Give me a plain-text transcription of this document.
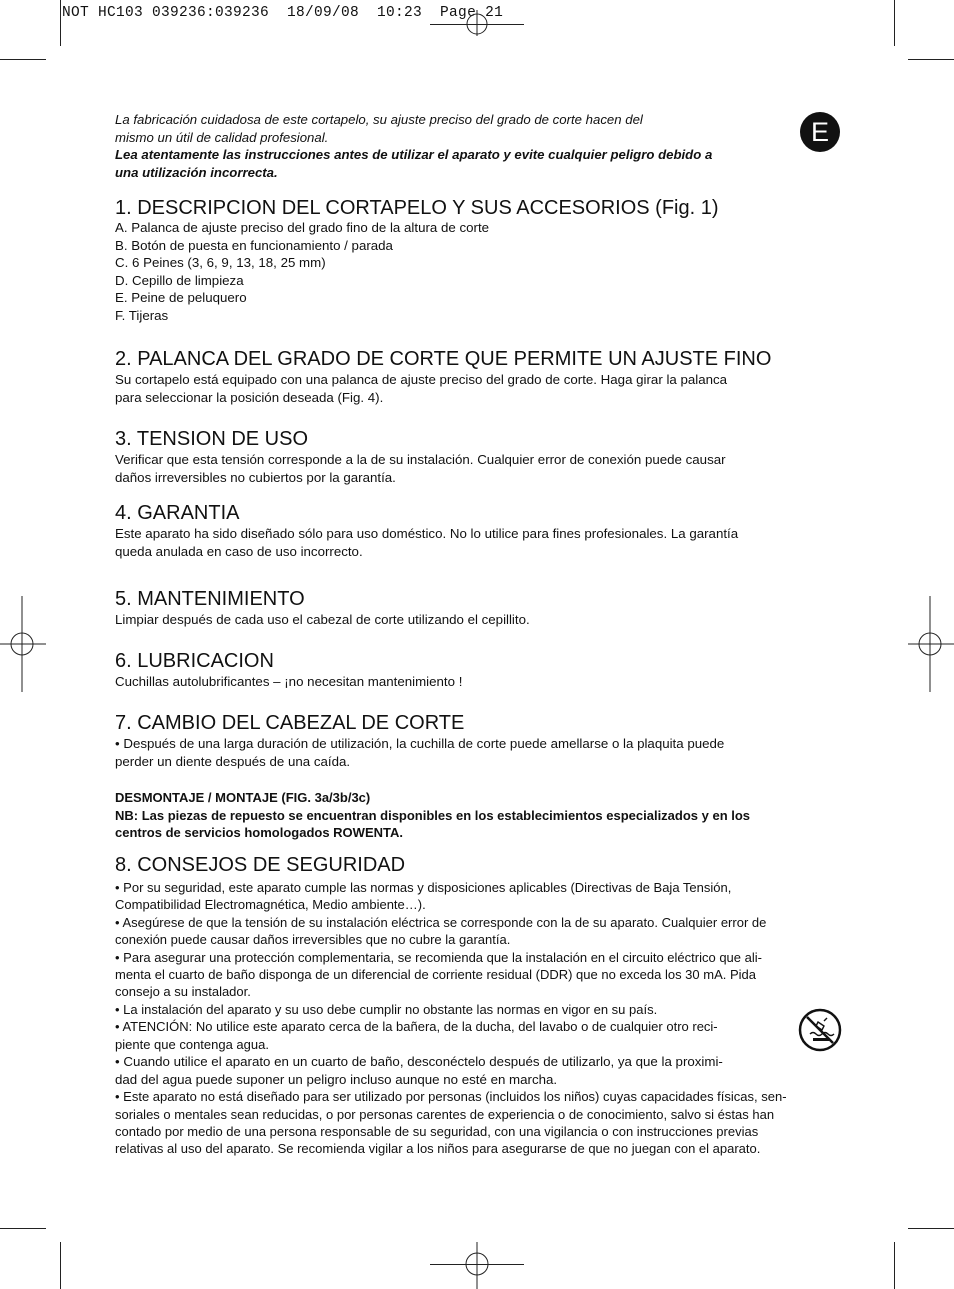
NOT HC103 039236:039236  18/09/08  10:23  Page 21
E

La fabricación cuidadosa de este cortapelo, su ajuste preciso del grado de corte hacen del

mismo un útil de calidad profesional.

Lea atentamente las instrucciones antes de utilizar el aparato y evite cualquier peligro debido a

una utilización incorrecta.

1. DESCRIPCION DEL CORTAPELO Y SUS ACCESORIOS (Fig. 1)

A. Palanca de ajuste preciso del grado fino de la altura de corte

B. Botón de puesta en funcionamiento / parada

C. 6 Peines (3, 6, 9, 13, 18, 25 mm)

D. Cepillo de limpieza

E. Peine de peluquero

F. Tijeras

2. PALANCA DEL GRADO DE CORTE QUE PERMITE UN AJUSTE FINO

Su cortapelo está equipado con una palanca de ajuste preciso del grado de corte. Haga girar la palanca

para seleccionar la posición deseada (Fig. 4).

3. TENSION DE USO

Verificar que esta tensión corresponde a la de su instalación. Cualquier error de conexión puede causar

daños irreversibles no cubiertos por la garantía.

4. GARANTIA

Este aparato ha sido diseñado sólo para uso doméstico. No lo utilice para fines profesionales. La garantía

queda anulada en caso de uso incorrecto.

5. MANTENIMIENTO

Limpiar después de cada uso el cabezal de corte utilizando el cepillito.

6. LUBRICACION

Cuchillas autolubrificantes – ¡no necesitan mantenimiento !

7. CAMBIO DEL CABEZAL DE CORTE

• Después de una larga duración de utilización, la cuchilla de corte puede amellarse o la plaquita puede

perder un diente después de una caída.

DESMONTAJE / MONTAJE (FIG. 3a/3b/3c)

NB: Las piezas de repuesto se encuentran disponibles en los establecimientos especializados y en los

centros de servicios homologados ROWENTA.

8. CONSEJOS DE SEGURIDAD

• Por su seguridad, este aparato cumple las normas y disposiciones aplicables (Directivas de Baja Tensión,

Compatibilidad Electromagnética, Medio ambiente…).

• Asegúrese de que la tensión de su instalación eléctrica se corresponde con la de su aparato. Cualquier error de

conexión puede causar daños irreversibles que no cubre la garantía.

• Para asegurar una protección complementaria, se recomienda que la instalación en el circuito eléctrico que ali-

menta el cuarto de baño disponga de un diferencial de corriente residual (DDR) que no exceda los 30 mA. Pida

consejo a su instalador.

• La instalación del aparato y su uso debe cumplir no obstante las normas en vigor en su país.

• ATENCIÓN: No utilice este aparato cerca de la bañera, de la ducha, del lavabo o de cualquier otro reci-

piente que contenga agua.

• Cuando utilice el aparato en un cuarto de baño, desconéctelo después de utilizarlo, ya que la proximi-

dad del agua puede suponer un peligro incluso aunque no esté en marcha.

• Este aparato no está diseñado para ser utilizado por personas (incluidos los niños) cuyas capacidades físicas, sen-

soriales o mentales sean reducidas, o por personas carentes de experiencia o de conocimiento, salvo si éstas han

contado por medio de una persona responsable de su seguridad, con una vigilancia o con instrucciones previas

relativas al uso del aparato. Se recomienda vigilar a los niños para asegurarse de que no juegan con el aparato.
